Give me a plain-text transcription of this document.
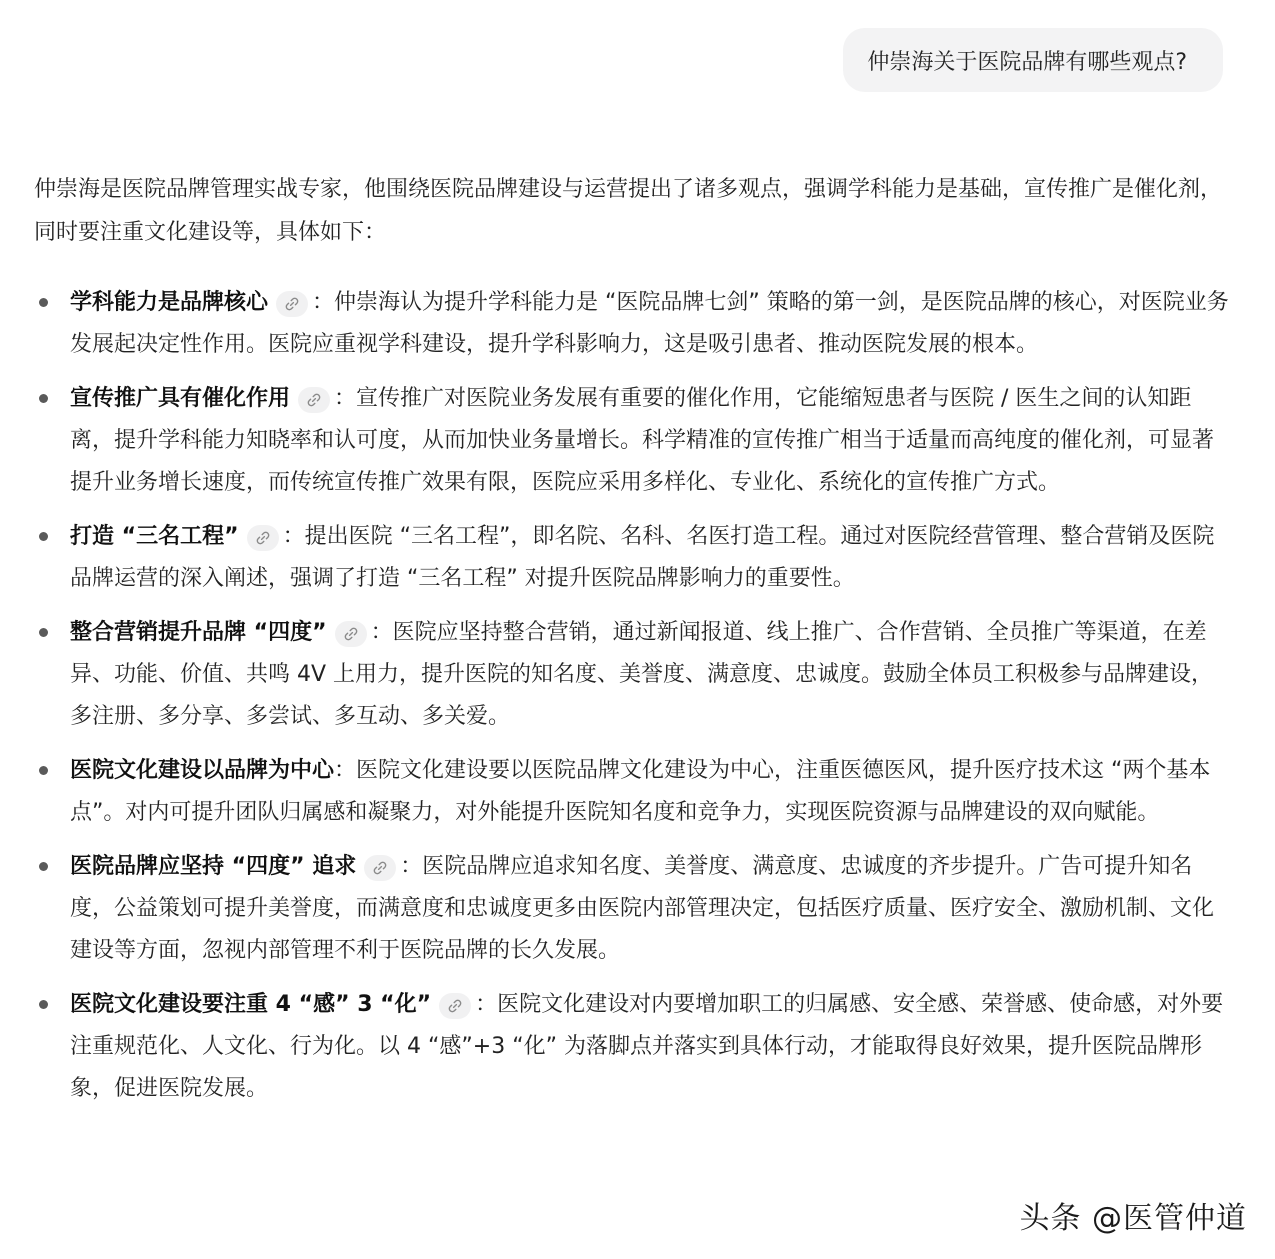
仲崇海关于医院品牌有哪些观点?

仲崇海是医院品牌管理实战专家，他围绕医院品牌建设与运营提出了诸多观点，强调学科能力是基础，宣传推广是催化剂，同时要注重文化建设等，具体如下：

学科能力是品牌核心 ：仲崇海认为提升学科能力是 “医院品牌七剑” 策略的第一剑，是医院品牌的核心，对医院业务发展起决定性作用。医院应重视学科建设，提升学科影响力，这是吸引患者、推动医院发展的根本。
宣传推广具有催化作用 ：宣传推广对医院业务发展有重要的催化作用，它能缩短患者与医院 / 医生之间的认知距离，提升学科能力知晓率和认可度，从而加快业务量增长。科学精准的宣传推广相当于适量而高纯度的催化剂，可显著提升业务增长速度，而传统宣传推广效果有限，医院应采用多样化、专业化、系统化的宣传推广方式。
打造 “三名工程” ：提出医院 “三名工程”，即名院、名科、名医打造工程。通过对医院经营管理、整合营销及医院品牌运营的深入阐述，强调了打造 “三名工程” 对提升医院品牌影响力的重要性。
整合营销提升品牌 “四度” ：医院应坚持整合营销，通过新闻报道、线上推广、合作营销、全员推广等渠道，在差异、功能、价值、共鸣 4V 上用力，提升医院的知名度、美誉度、满意度、忠诚度。鼓励全体员工积极参与品牌建设，多注册、多分享、多尝试、多互动、多关爱。
医院文化建设以品牌为中心：医院文化建设要以医院品牌文化建设为中心，注重医德医风，提升医疗技术这 “两个基本点”。对内可提升团队归属感和凝聚力，对外能提升医院知名度和竞争力，实现医院资源与品牌建设的双向赋能。
医院品牌应坚持 “四度” 追求 ：医院品牌应追求知名度、美誉度、满意度、忠诚度的齐步提升。广告可提升知名度，公益策划可提升美誉度，而满意度和忠诚度更多由医院内部管理决定，包括医疗质量、医疗安全、激励机制、文化建设等方面，忽视内部管理不利于医院品牌的长久发展。
医院文化建设要注重 4 “感” 3 “化” ：医院文化建设对内要增加职工的归属感、安全感、荣誉感、使命感，对外要注重规范化、人文化、行为化。以 4 “感”+3 “化” 为落脚点并落实到具体行动，才能取得良好效果，提升医院品牌形象，促进医院发展。
头条 @医管仲道
